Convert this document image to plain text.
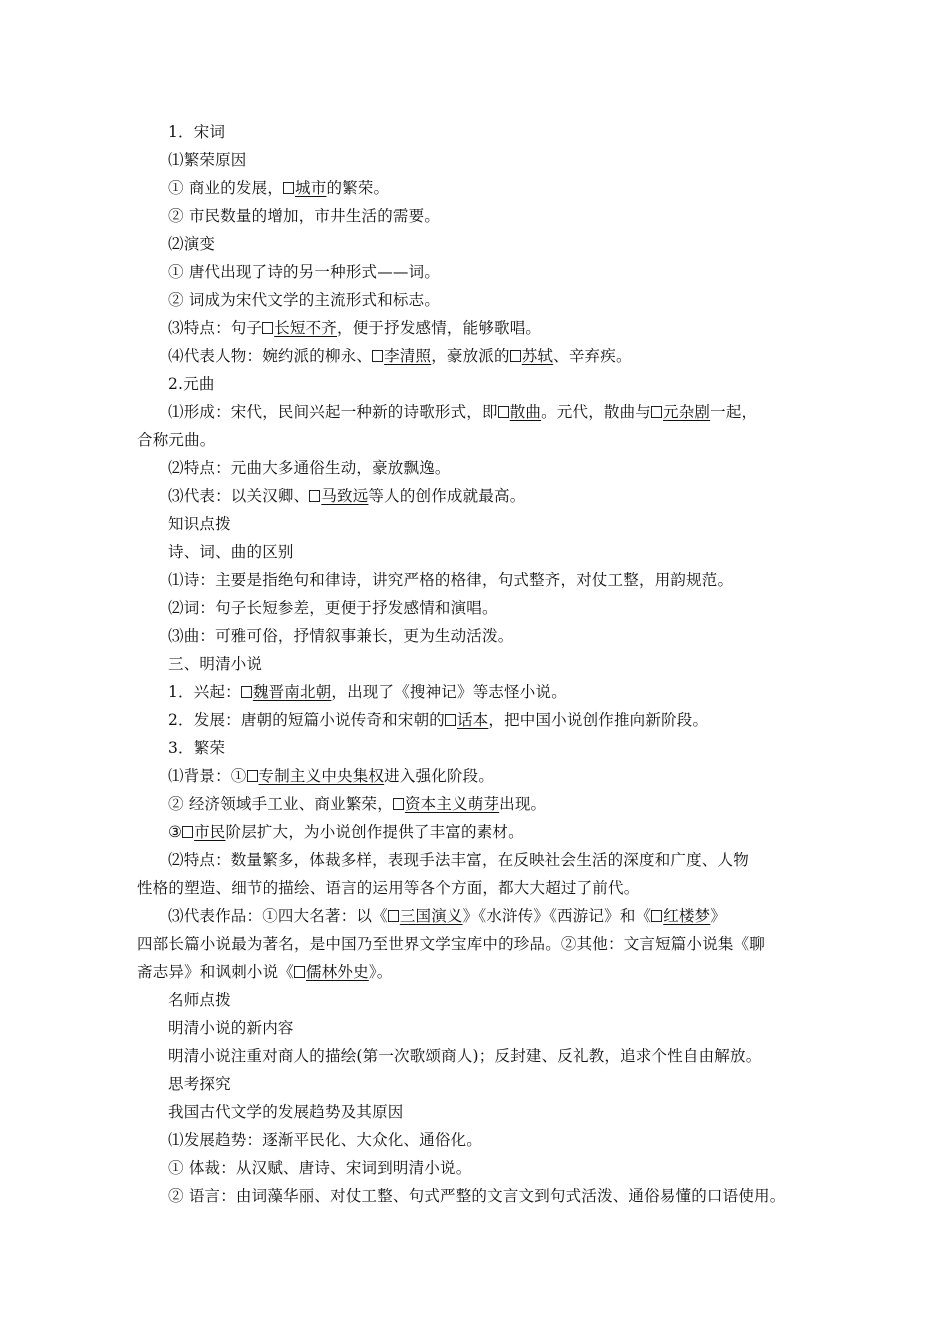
1．宋词
⑴繁荣原因
① 商业的发展， 城市的繁荣。
② 市民数量的增加，市井生活的需要。
⑵演变
① 唐代出现了诗的另一种形式——词。
② 词成为宋代文学的主流形式和标志。
⑶特点：句子 长短不齐，便于抒发感情，能够歌唱。
⑷代表人物：婉约派的柳永、 李清照，豪放派的 苏轼、辛弃疾。
2.元曲
⑴形成：宋代，民间兴起一种新的诗歌形式，即 散曲。元代，散曲与 元杂剧一起，
合称元曲。
⑵特点：元曲大多通俗生动，豪放飘逸。
⑶代表：以关汉卿、 马致远等人的创作成就最高。
知识点拨
诗、词、曲的区别
⑴诗：主要是指绝句和律诗，讲究严格的格律，句式整齐，对仗工整，用韵规范。
⑵词：句子长短参差，更便于抒发感情和演唱。
⑶曲：可雅可俗，抒情叙事兼长，更为生动活泼。
三、明清小说
1．兴起： 魏晋南北朝，出现了《搜神记》等志怪小说。
2．发展：唐朝的短篇小说传奇和宋朝的 话本，把中国小说创作推向新阶段。
3．繁荣
⑴背景：① 专制主义中央集权进入强化阶段。
② 经济领域手工业、商业繁荣， 资本主义萌芽出现。
③ 市民阶层扩大，为小说创作提供了丰富的素材。
⑵特点：数量繁多，体裁多样，表现手法丰富，在反映社会生活的深度和广度、人物
性格的塑造、细节的描绘、语言的运用等各个方面，都大大超过了前代。
⑶代表作品：①四大名著：以《 三国演义》《水浒传》《西游记》和《 红楼梦》
四部长篇小说最为著名，是中国乃至世界文学宝库中的珍品。②其他：文言短篇小说集《聊
斋志异》和讽刺小说《 儒林外史》。
名师点拨
明清小说的新内容
明清小说注重对商人的描绘(第一次歌颂商人)；反封建、反礼教，追求个性自由解放。
思考探究
我国古代文学的发展趋势及其原因
⑴发展趋势：逐渐平民化、大众化、通俗化。
① 体裁：从汉赋、唐诗、宋词到明清小说。
② 语言：由词藻华丽、对仗工整、句式严整的文言文到句式活泼、通俗易懂的口语使用。
